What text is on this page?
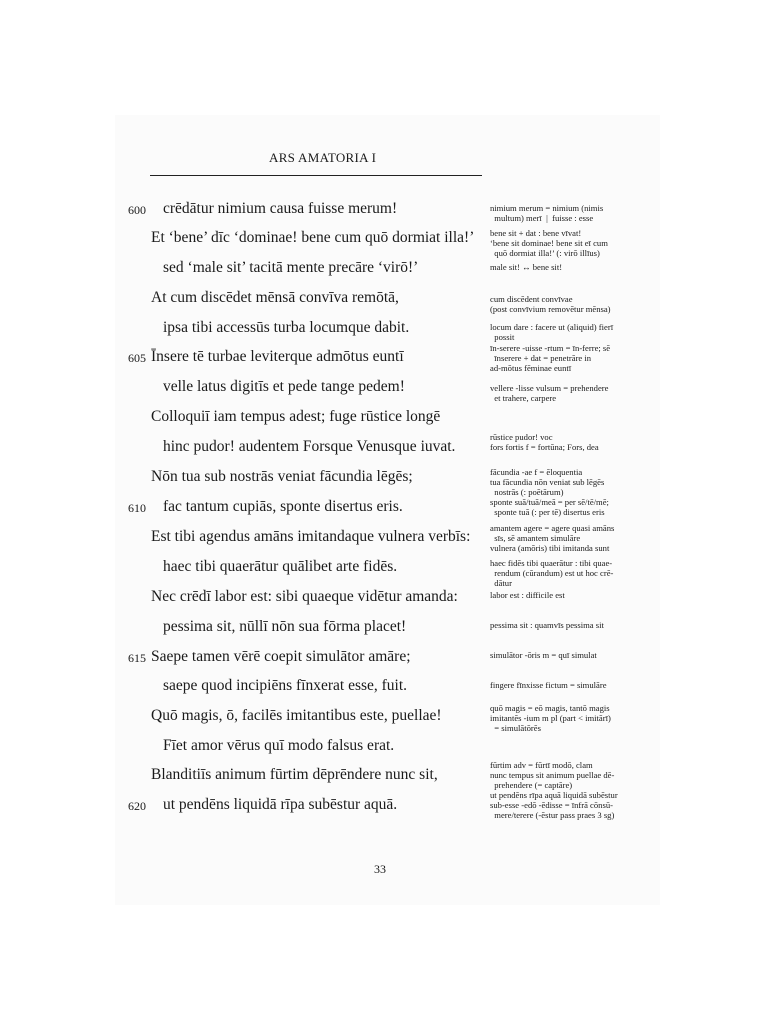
ARS AMATORIA I
600 crēdātur nimium causa fuisse merum!
Et ‘bene’ dīc ‘dominae! bene cum quō dormiat illa!’
sed ‘male sit’ tacitā mente precāre ‘virō!’
At cum discēdet mēnsā convīva remōtā,
ipsa tibi accessūs turba locumque dabit.
605 Īnsere tē turbae leviterque admōtus euntī
velle latus digitīs et pede tange pedem!
Colloquiī iam tempus adest; fuge rūstice longē
hinc pudor! audentem Forsque Venusque iuvat.
Nōn tua sub nostrās veniat fācundia lēgēs;
610 fac tantum cupiās, sponte disertus eris.
Est tibi agendus amāns imitandaque vulnera verbīs:
haec tibi quaerātur quālibet arte fidēs.
Nec crēdī labor est: sibi quaeque vidētur amanda:
pessima sit, nūllī nōn sua fōrma placet!
615 Saepe tamen vērē coepit simulātor amāre;
saepe quod incipiēns fīnxerat esse, fuit.
Quō magis, ō, facilēs imitantibus este, puellae!
Fīet amor vērus quī modo falsus erat.
Blanditiīs animum fūrtim dēprēndere nunc sit,
620 ut pendēns liquidā rīpa subēstur aquā.
nimium merum = nimium (nimis
multum) merī  |  fuisse : esse
bene sit + dat : bene vīvat!
‘bene sit dominae! bene sit eī cum
quō dormiat illa!’ (: virō illīus)
male sit! ↔ bene sit!
cum discēdent convīvae
(post convīvium removētur mēnsa)
locum dare : facere ut (aliquid) fierī
possit
īn-serere -uisse -rtum = īn-ferre; sē
īnserere + dat = penetrāre in
ad-mōtus fēminae euntī
vellere -lisse vulsum = prehendere
et trahere, carpere
rūstice pudor! voc
fors fortis f = fortūna; Fors, dea
fācundia -ae f = ēloquentia
tua fācundia nōn veniat sub lēgēs
nostrās (: poētārum)
sponte suā/tuā/meā = per sē/tē/mē;
sponte tuā (: per tē) disertus eris
amantem agere = agere quasi amāns
sīs, sē amantem simulāre
vulnera (amōris) tibi imitanda sunt
haec fidēs tibi quaerātur : tibi quae-
rendum (cūrandum) est ut hoc crē-
dātur
labor est : difficile est
pessima sit : quamvīs pessima sit
simulātor -ōris m = quī simulat
fingere fīnxisse fictum = simulāre
quō magis = eō magis, tantō magis
imitantēs -ium m pl (part < imitārī)
= simulātōrēs
fūrtim adv = fūrtī modō, clam
nunc tempus sit animum puellae dē-
prehendere (= captāre)
ut pendēns rīpa aquā liquidā subēstur
sub-esse -edō -ēdisse = īnfrā cōnsū-
mere/terere (-ēstur pass praes 3 sg)
33
